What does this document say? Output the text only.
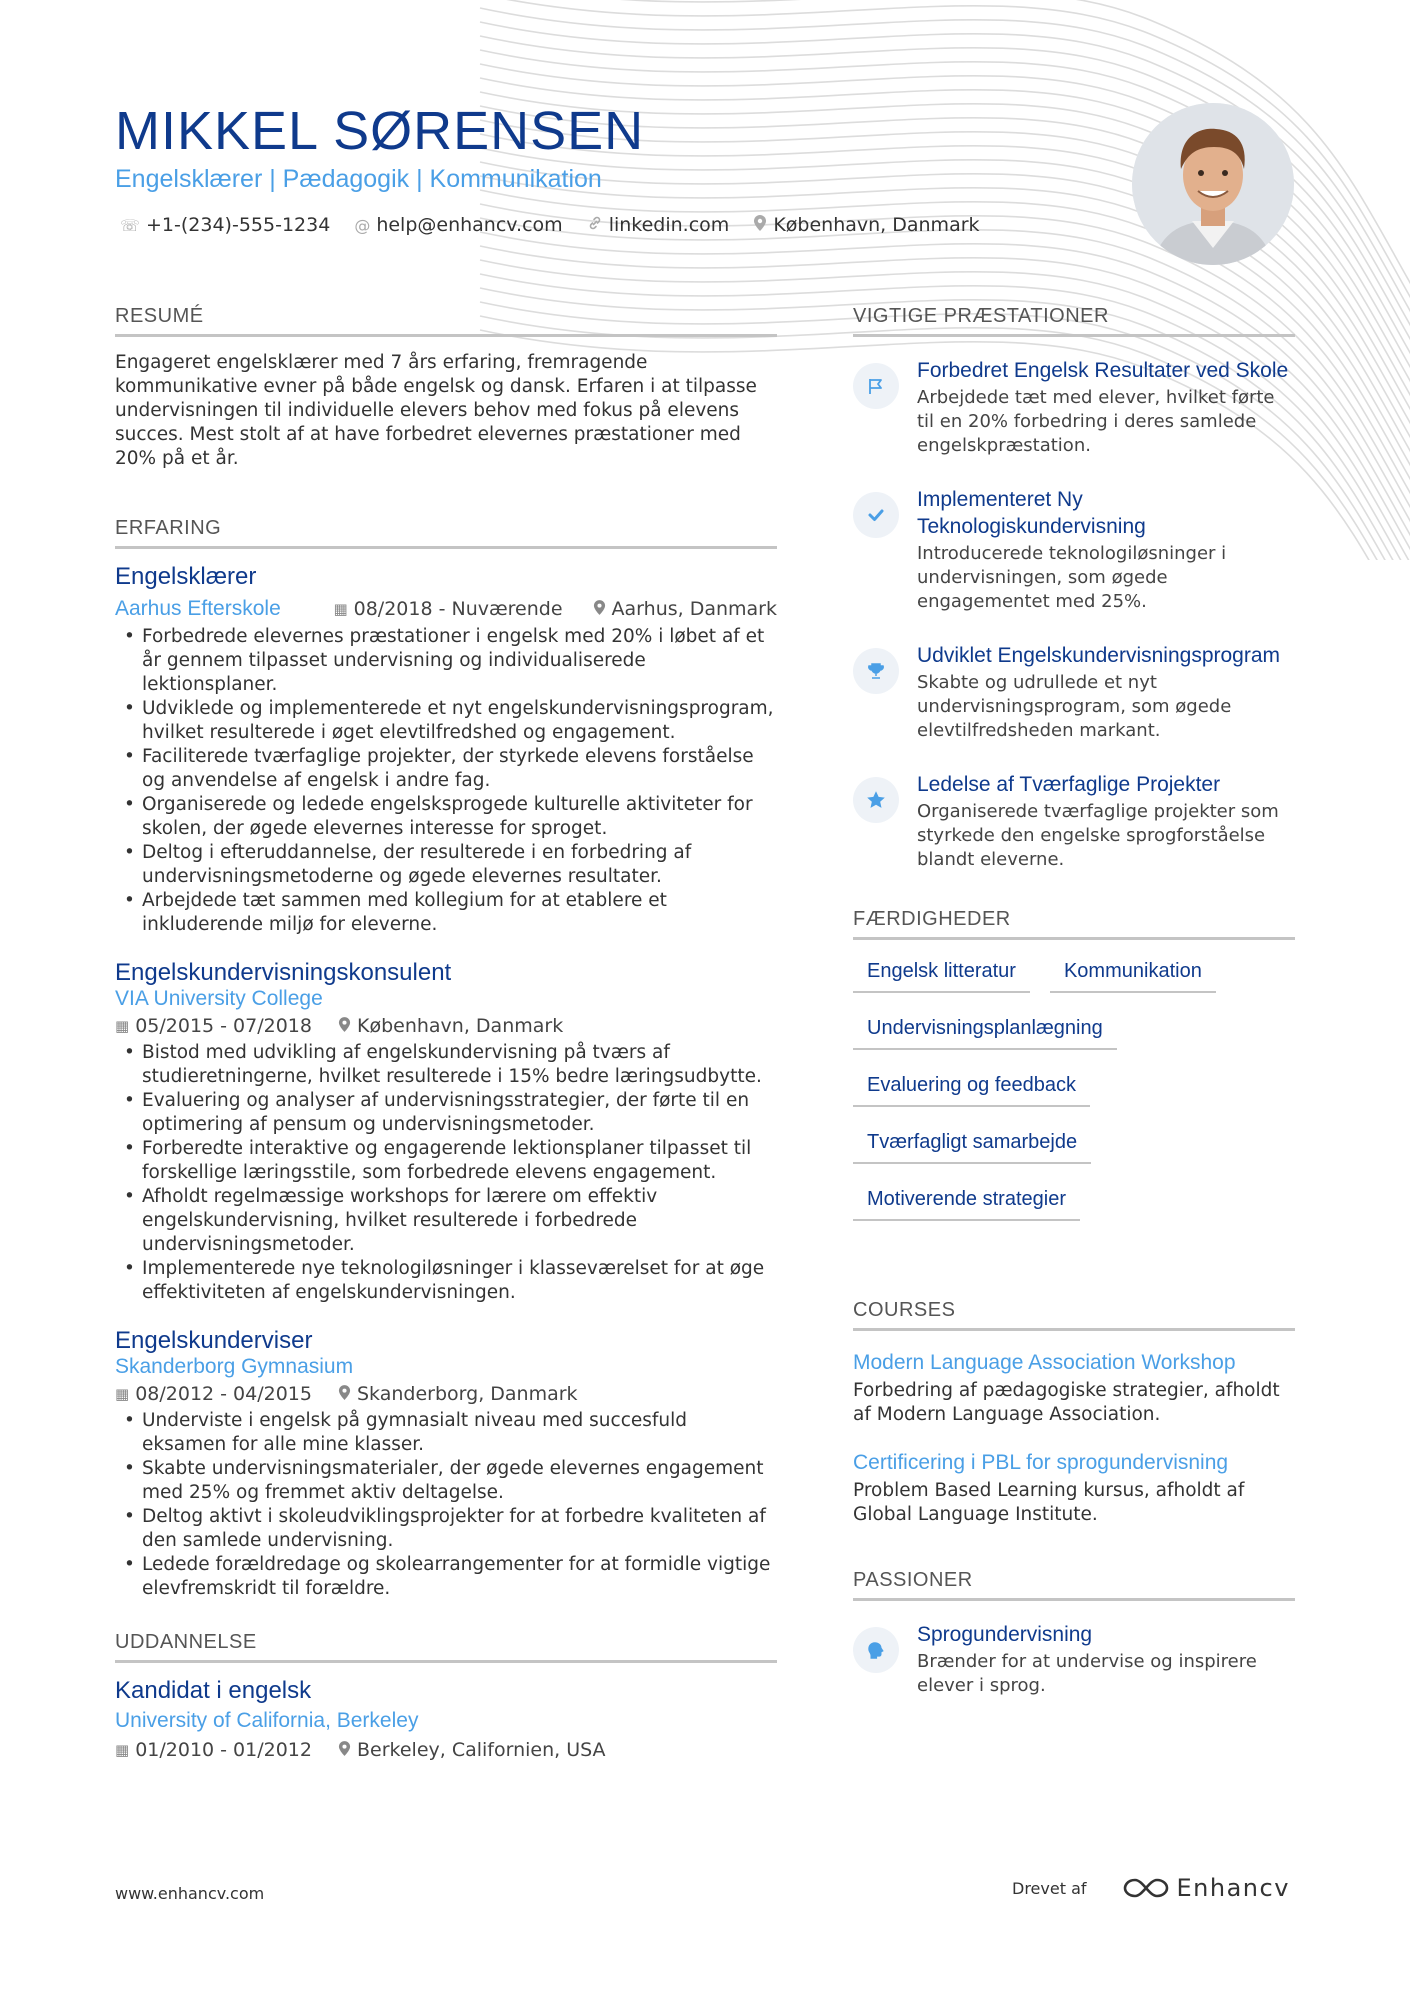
MIKKEL SØRENSEN
Engelsklærer | Pædagogik | Kommunikation
☏ +1-(234)-555-1234 @ help@enhancv.com linkedin.com København, Danmark
RESUMÉ
Engageret engelsklærer med 7 års erfaring, fremragende kommunikative evner på både engelsk og dansk. Erfaren i at tilpasse undervisningen til individuelle elevers behov med fokus på elevens succes. Mest stolt af at have forbedret elevernes præstationer med 20% på et år.
ERFARING
Engelsklærer
Aarhus Efterskole	▦ 08/2018 - Nuværende	Aarhus, Danmark
• Forbedrede elevernes præstationer i engelsk med 20% i løbet af et år gennem tilpasset undervisning og individualiserede lektionsplaner.
• Udviklede og implementerede et nyt engelskundervisningsprogram, hvilket resulterede i øget elevtilfredshed og engagement.
• Faciliterede tværfaglige projekter, der styrkede elevens forståelse og anvendelse af engelsk i andre fag.
• Organiserede og ledede engelsksprogede kulturelle aktiviteter for skolen, der øgede elevernes interesse for sproget.
• Deltog i efteruddannelse, der resulterede i en forbedring af undervisningsmetoderne og øgede elevernes resultater.
• Arbejdede tæt sammen med kollegium for at etablere et inkluderende miljø for eleverne.
Engelskundervisningskonsulent
VIA University College
▦ 05/2015 - 07/2018 København, Danmark
• Bistod med udvikling af engelskundervisning på tværs af studieretningerne, hvilket resulterede i 15% bedre læringsudbytte.
• Evaluering og analyser af undervisningsstrategier, der førte til en optimering af pensum og undervisningsmetoder.
• Forberedte interaktive og engagerende lektionsplaner tilpasset til forskellige læringsstile, som forbedrede elevens engagement.
• Afholdt regelmæssige workshops for lærere om effektiv engelskundervisning, hvilket resulterede i forbedrede undervisningsmetoder.
• Implementerede nye teknologiløsninger i klasseværelset for at øge effektiviteten af engelskundervisningen.
Engelskunderviser
Skanderborg Gymnasium
▦ 08/2012 - 04/2015 Skanderborg, Danmark
• Underviste i engelsk på gymnasialt niveau med succesfuld eksamen for alle mine klasser.
• Skabte undervisningsmaterialer, der øgede elevernes engagement med 25% og fremmet aktiv deltagelse.
• Deltog aktivt i skoleudviklingsprojekter for at forbedre kvaliteten af den samlede undervisning.
• Ledede forældredage og skolearrangementer for at formidle vigtige elevfremskridt til forældre.
UDDANNELSE
Kandidat i engelsk
University of California, Berkeley
▦ 01/2010 - 01/2012 Berkeley, Californien, USA
VIGTIGE PRÆSTATIONER
Forbedret Engelsk Resultater ved Skole
Arbejdede tæt med elever, hvilket førte til en 20% forbedring i deres samlede engelskpræstation.
Implementeret Ny Teknologiskundervisning
Introducerede teknologiløsninger i undervisningen, som øgede engagementet med 25%.
Udviklet Engelskundervisningsprogram
Skabte og udrullede et nyt undervisningsprogram, som øgede elevtilfredsheden markant.
Ledelse af Tværfaglige Projekter
Organiserede tværfaglige projekter som styrkede den engelske sprogforståelse blandt eleverne.
FÆRDIGHEDER
Engelsk litteratur	Kommunikation
Undervisningsplanlægning
Evaluering og feedback
Tværfagligt samarbejde
Motiverende strategier
COURSES
Modern Language Association Workshop
Forbedring af pædagogiske strategier, afholdt af Modern Language Association.
Certificering i PBL for sprogundervisning
Problem Based Learning kursus, afholdt af Global Language Institute.
PASSIONER
Sprogundervisning
Brænder for at undervise og inspirere elever i sprog.
www.enhancv.com	Drevet af	Enhancv
